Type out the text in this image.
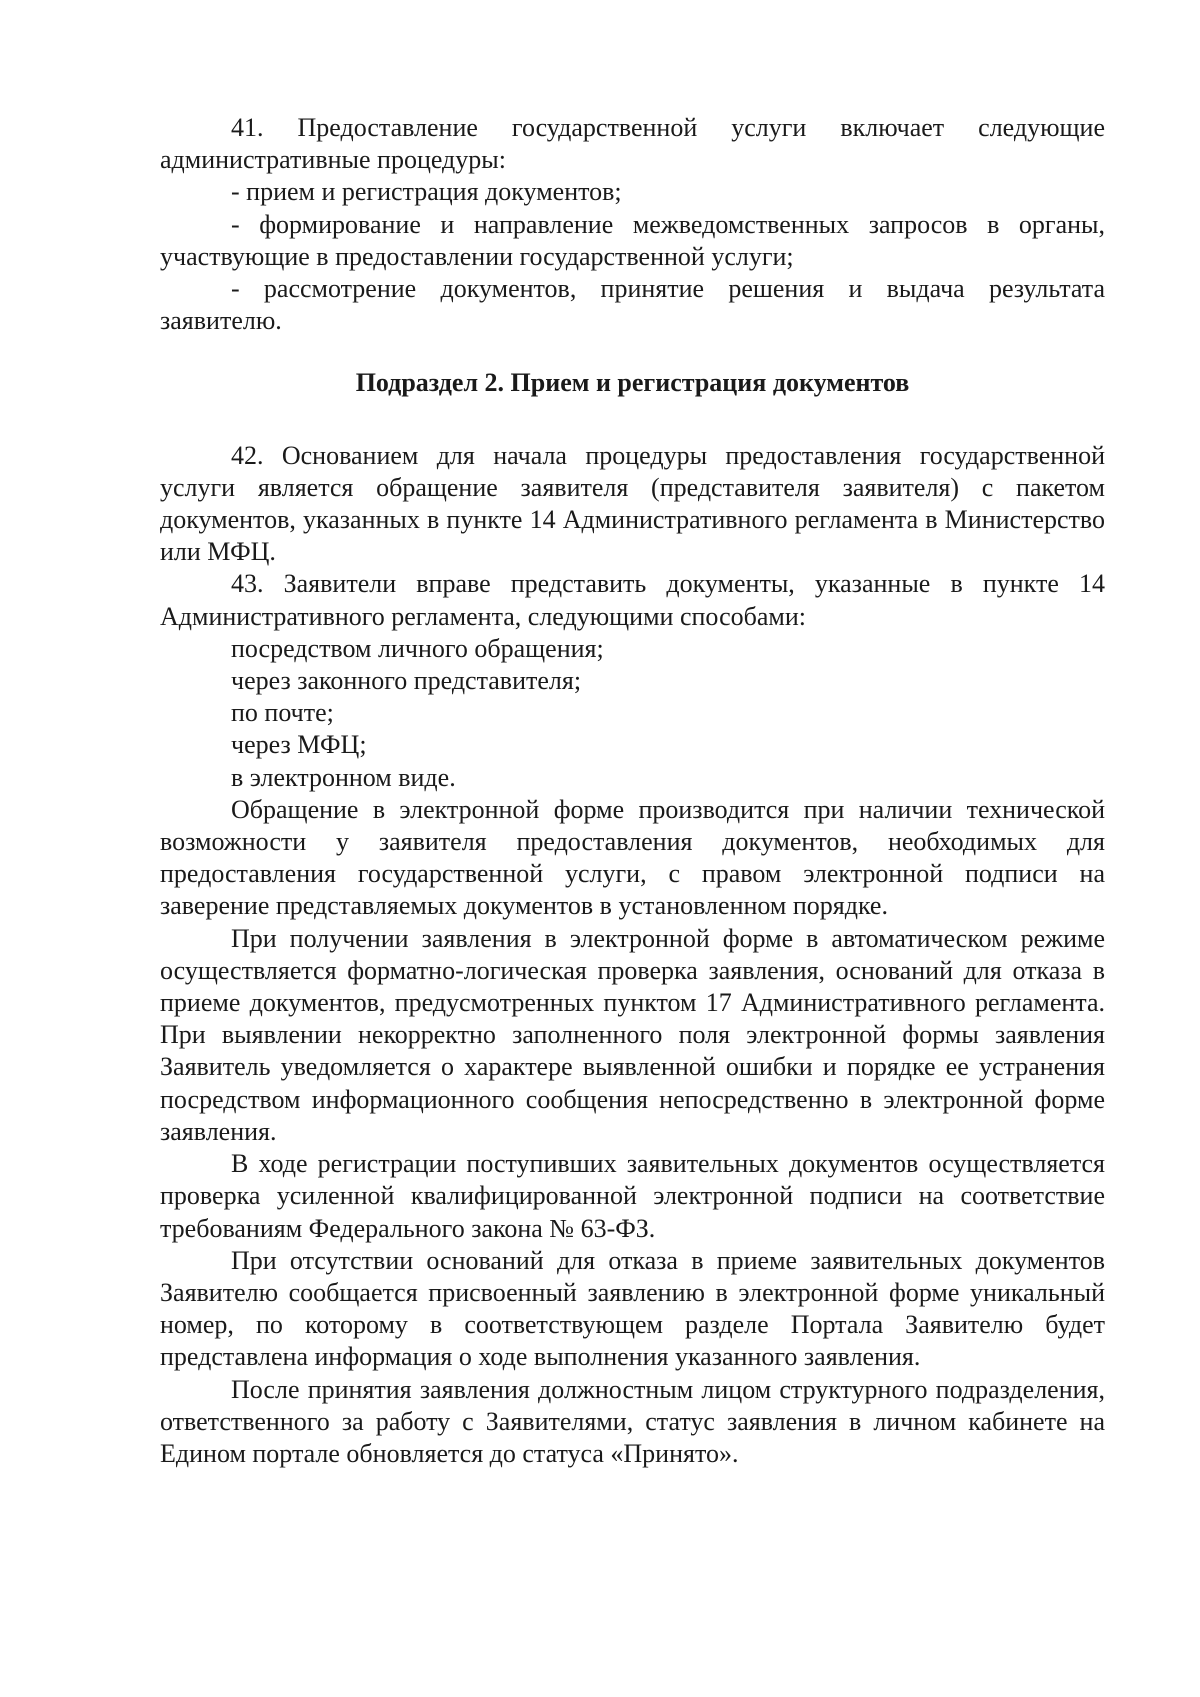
41. Предоставление государственной услуги включает следующие административные процедуры:

- прием и регистрация документов;

- формирование и направление межведомственных запросов в органы, участвующие в предоставлении государственной услуги;

- рассмотрение документов, принятие решения и выдача результата заявителю.

Подраздел 2. Прием и регистрация документов

42. Основанием для начала процедуры предоставления государственной услуги является обращение заявителя (представителя заявителя) с пакетом документов, указанных в пункте 14 Административного регламента в Министерство или МФЦ.

43. Заявители вправе представить документы, указанные в пункте 14 Административного регламента, следующими способами:

посредством личного обращения;

через законного представителя;

по почте;

через МФЦ;

в электронном виде.

Обращение в электронной форме производится при наличии технической возможности у заявителя предоставления документов, необходимых для предоставления государственной услуги, с правом электронной подписи на заверение представляемых документов в установленном порядке.

При получении заявления в электронной форме в автоматическом режиме осуществляется форматно-логическая проверка заявления, оснований для отказа в приеме документов, предусмотренных пунктом 17 Административного регламента. При выявлении некорректно заполненного поля электронной формы заявления Заявитель уведомляется о характере выявленной ошибки и порядке ее устранения посредством информационного сообщения непосредственно в электронной форме заявления.

В ходе регистрации поступивших заявительных документов осуществляется проверка усиленной квалифицированной электронной подписи на соответствие требованиям Федерального закона № 63-ФЗ.

При отсутствии оснований для отказа в приеме заявительных документов Заявителю сообщается присвоенный заявлению в электронной форме уникальный номер, по которому в соответствующем разделе Портала Заявителю будет представлена информация о ходе выполнения указанного заявления.

После принятия заявления должностным лицом структурного подразделения, ответственного за работу с Заявителями, статус заявления в личном кабинете на Едином портале обновляется до статуса «Принято».
